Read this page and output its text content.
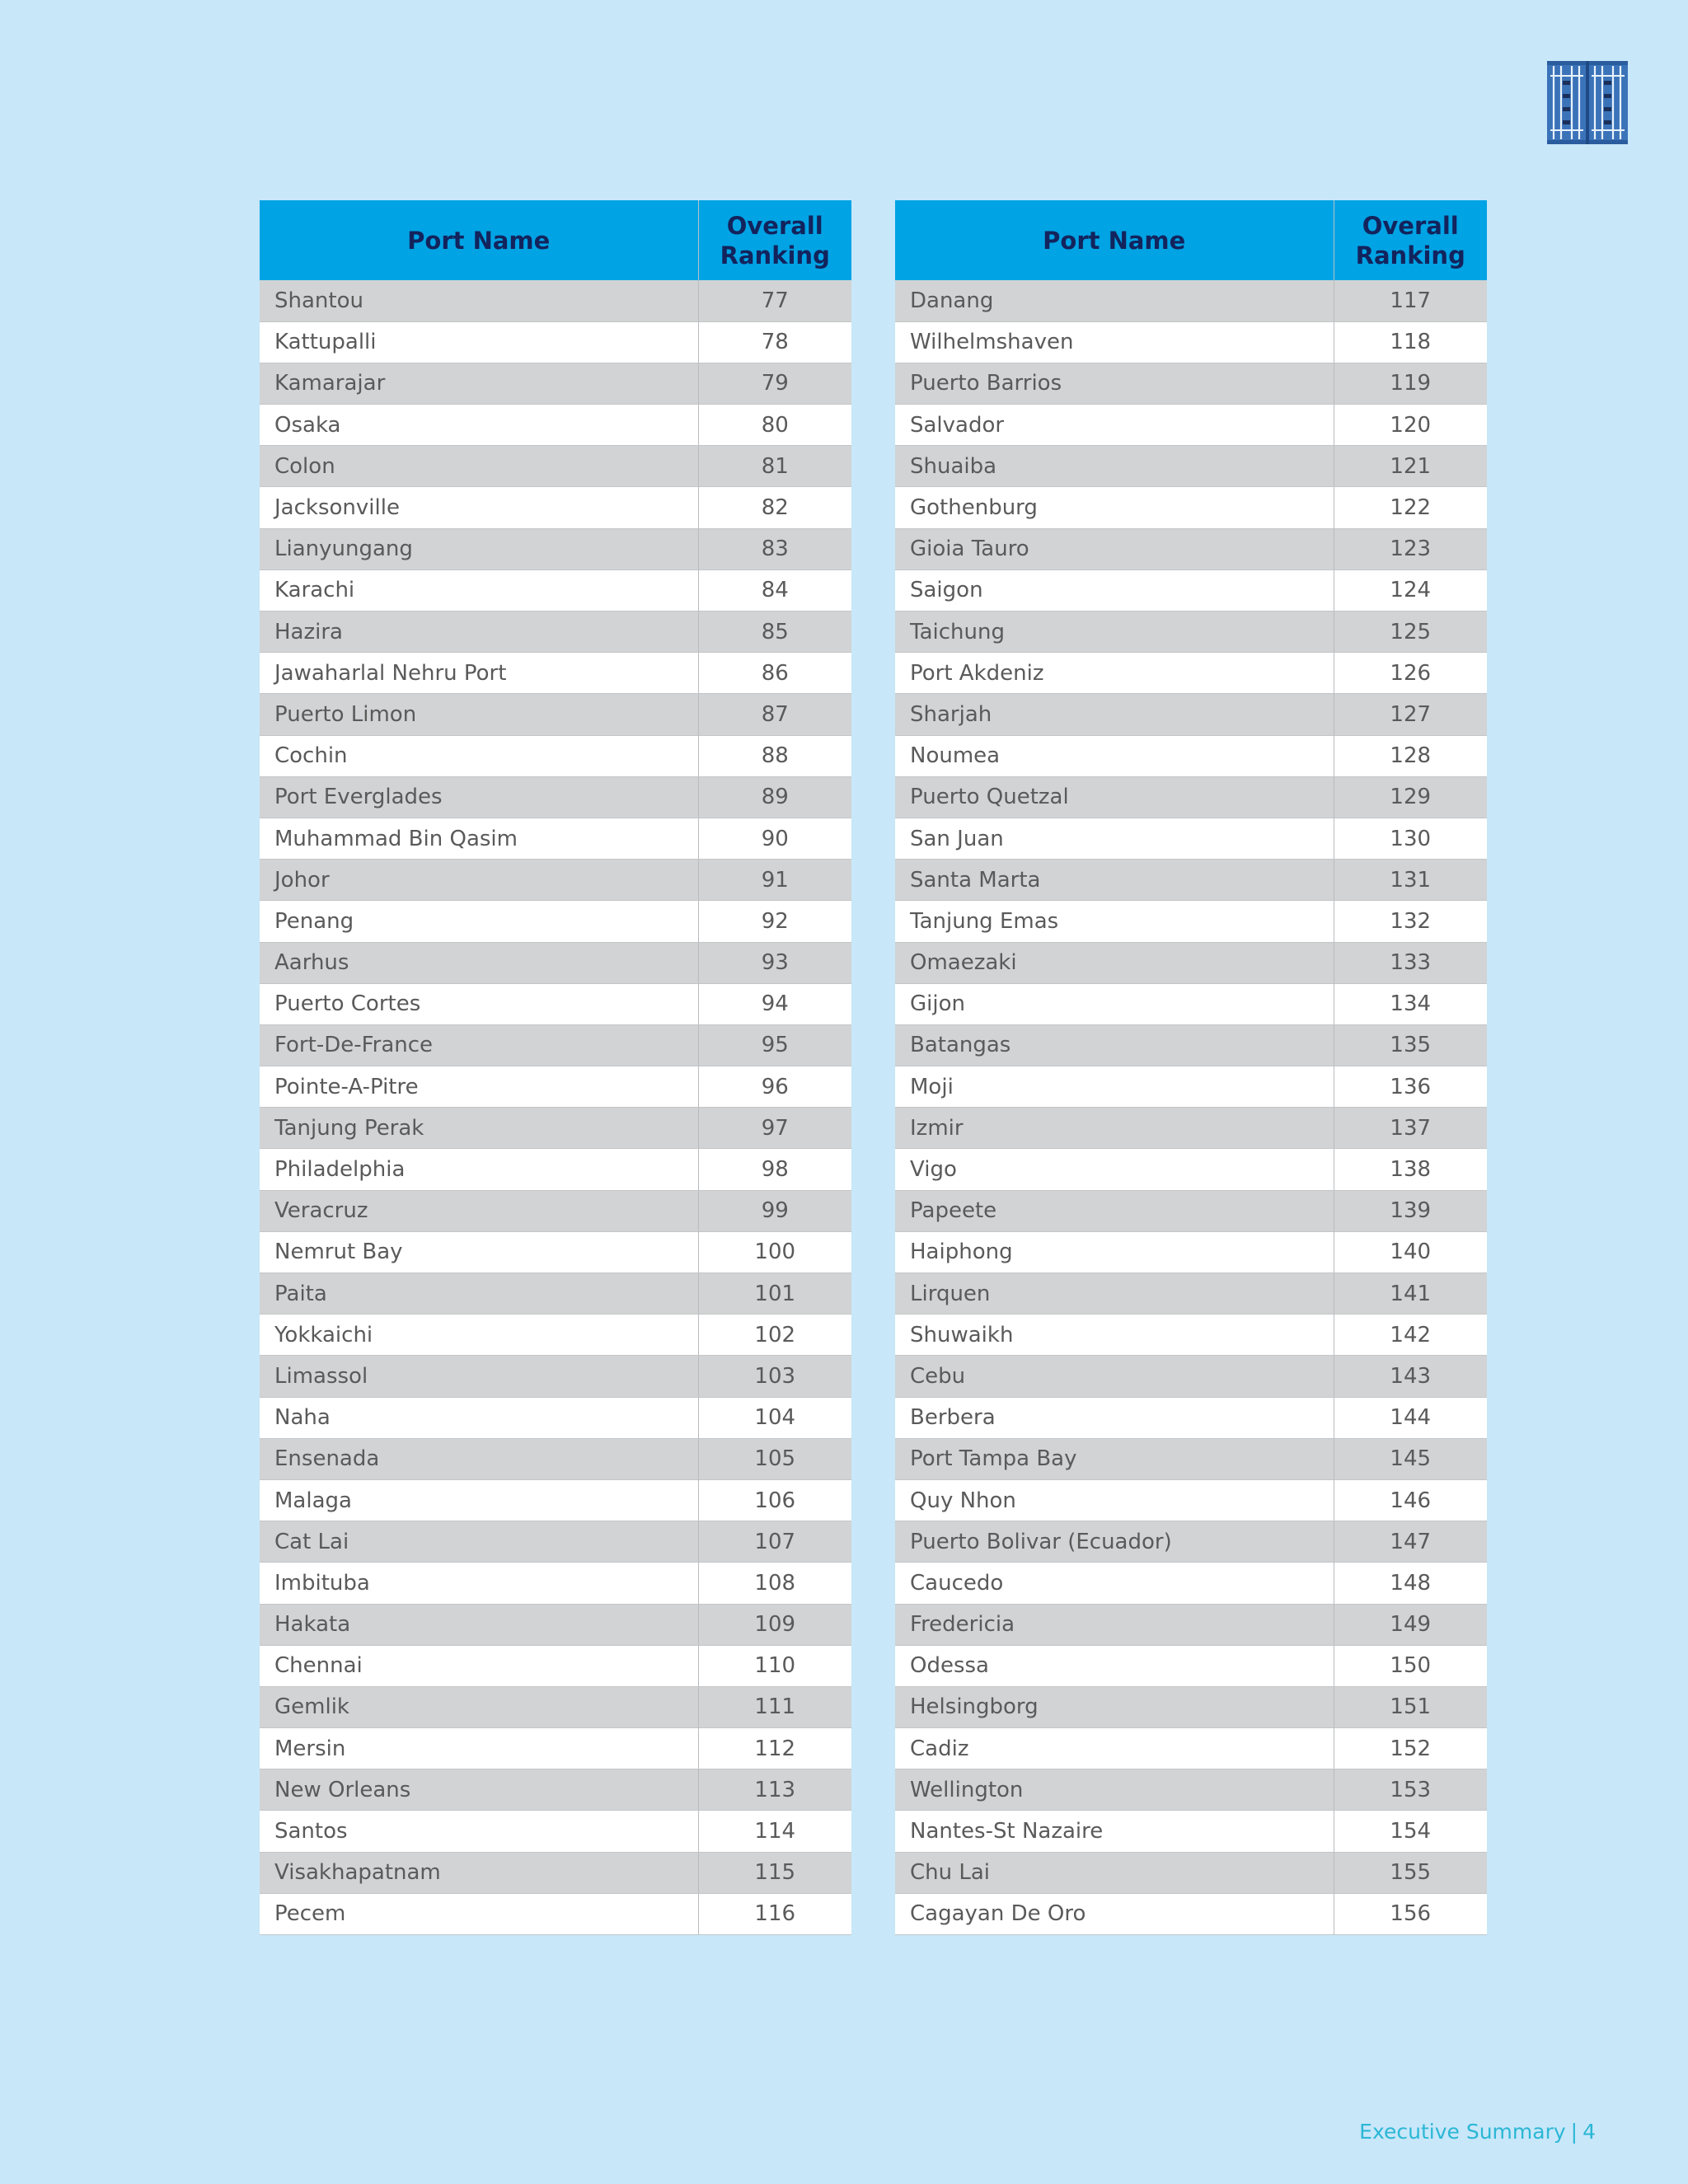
Port Name	Overall
Ranking
Shantou	77
Kattupalli	78
Kamarajar	79
Osaka	80
Colon	81
Jacksonville	82
Lianyungang	83
Karachi	84
Hazira	85
Jawaharlal Nehru Port	86
Puerto Limon	87
Cochin	88
Port Everglades	89
Muhammad Bin Qasim	90
Johor	91
Penang	92
Aarhus	93
Puerto Cortes	94
Fort-De-France	95
Pointe-A-Pitre	96
Tanjung Perak	97
Philadelphia	98
Veracruz	99
Nemrut Bay	100
Paita	101
Yokkaichi	102
Limassol	103
Naha	104
Ensenada	105
Malaga	106
Cat Lai	107
Imbituba	108
Hakata	109
Chennai	110
Gemlik	111
Mersin	112
New Orleans	113
Santos	114
Visakhapatnam	115
Pecem	116
Port Name	Overall
Ranking
Danang	117
Wilhelmshaven	118
Puerto Barrios	119
Salvador	120
Shuaiba	121
Gothenburg	122
Gioia Tauro	123
Saigon	124
Taichung	125
Port Akdeniz	126
Sharjah	127
Noumea	128
Puerto Quetzal	129
San Juan	130
Santa Marta	131
Tanjung Emas	132
Omaezaki	133
Gijon	134
Batangas	135
Moji	136
Izmir	137
Vigo	138
Papeete	139
Haiphong	140
Lirquen	141
Shuwaikh	142
Cebu	143
Berbera	144
Port Tampa Bay	145
Quy Nhon	146
Puerto Bolivar (Ecuador)	147
Caucedo	148
Fredericia	149
Odessa	150
Helsingborg	151
Cadiz	152
Wellington	153
Nantes-St Nazaire	154
Chu Lai	155
Cagayan De Oro	156
Executive Summary | 4
